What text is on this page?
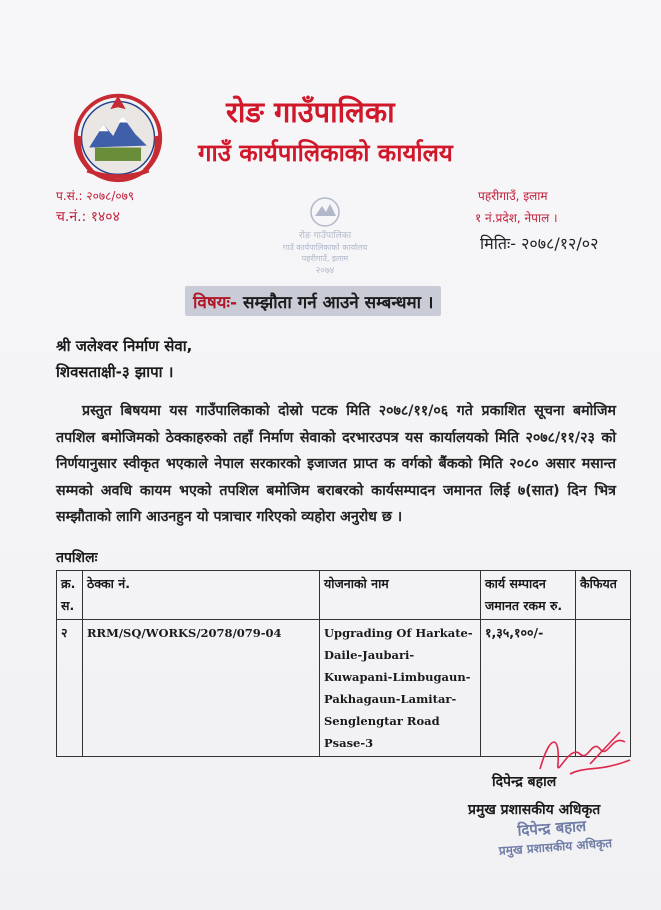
रोङ गाउँपालिका
गाउँ कार्यपालिकाको कार्यालय
प.सं.: २०७८/०७९
च.नं.: १४०४
पहरीगाउँ, इलाम
१ नं.प्रदेश, नेपाल ।
मितिः- २०७८/१२/०२
रोङ गाउँपालिका
गाउँ कार्यपालिकाको कार्यालय
पहरीगाउँ, इलाम
२०७४
विषयः-
सम्झौता गर्न आउने सम्बन्धमा ।
श्री जलेश्वर निर्माण सेवा,
शिवसताक्षी-३ झापा ।
प्रस्तुत बिषयमा यस गाउँपालिकाको दोस्रो पटक मिति २०७८/११/०६ गते प्रकाशित सूचना बमोजिम तपशिल बमोजिमको ठेक्काहरुको तहाँ निर्माण सेवाको दरभारउपत्र यस कार्यालयको मिति २०७८/११/२३ को निर्णयानुसार स्वीकृत भएकाले नेपाल सरकारको इजाजत प्राप्त क वर्गको बैंकको मिति २०८० असार मसान्त सम्मको अवधि कायम भएको तपशिल बमोजिम बराबरको कार्यसम्पादन जमानत लिई ७(सात) दिन भित्र सम्झौताको लागि आउनहुन यो पत्राचार गरिएको व्यहोरा अनुरोध छ ।
तपशिलः
क्र. स.	ठेक्का नं.	योजनाको नाम	कार्य सम्पादन जमानत रकम रु.	कैफियत
२	RRM/SQ/WORKS/2078/079-04	Upgrading Of Harkate-Daile-Jaubari-Kuwapani-Limbugaun-Pakhagaun-Lamitar-Senglengtar Road Psase-3	१,३५,१००/-	
दिपेन्द्र बहाल
प्रमुख प्रशासकीय अधिकृत
दिपेन्द्र बहाल
प्रमुख प्रशासकीय अधिकृत
